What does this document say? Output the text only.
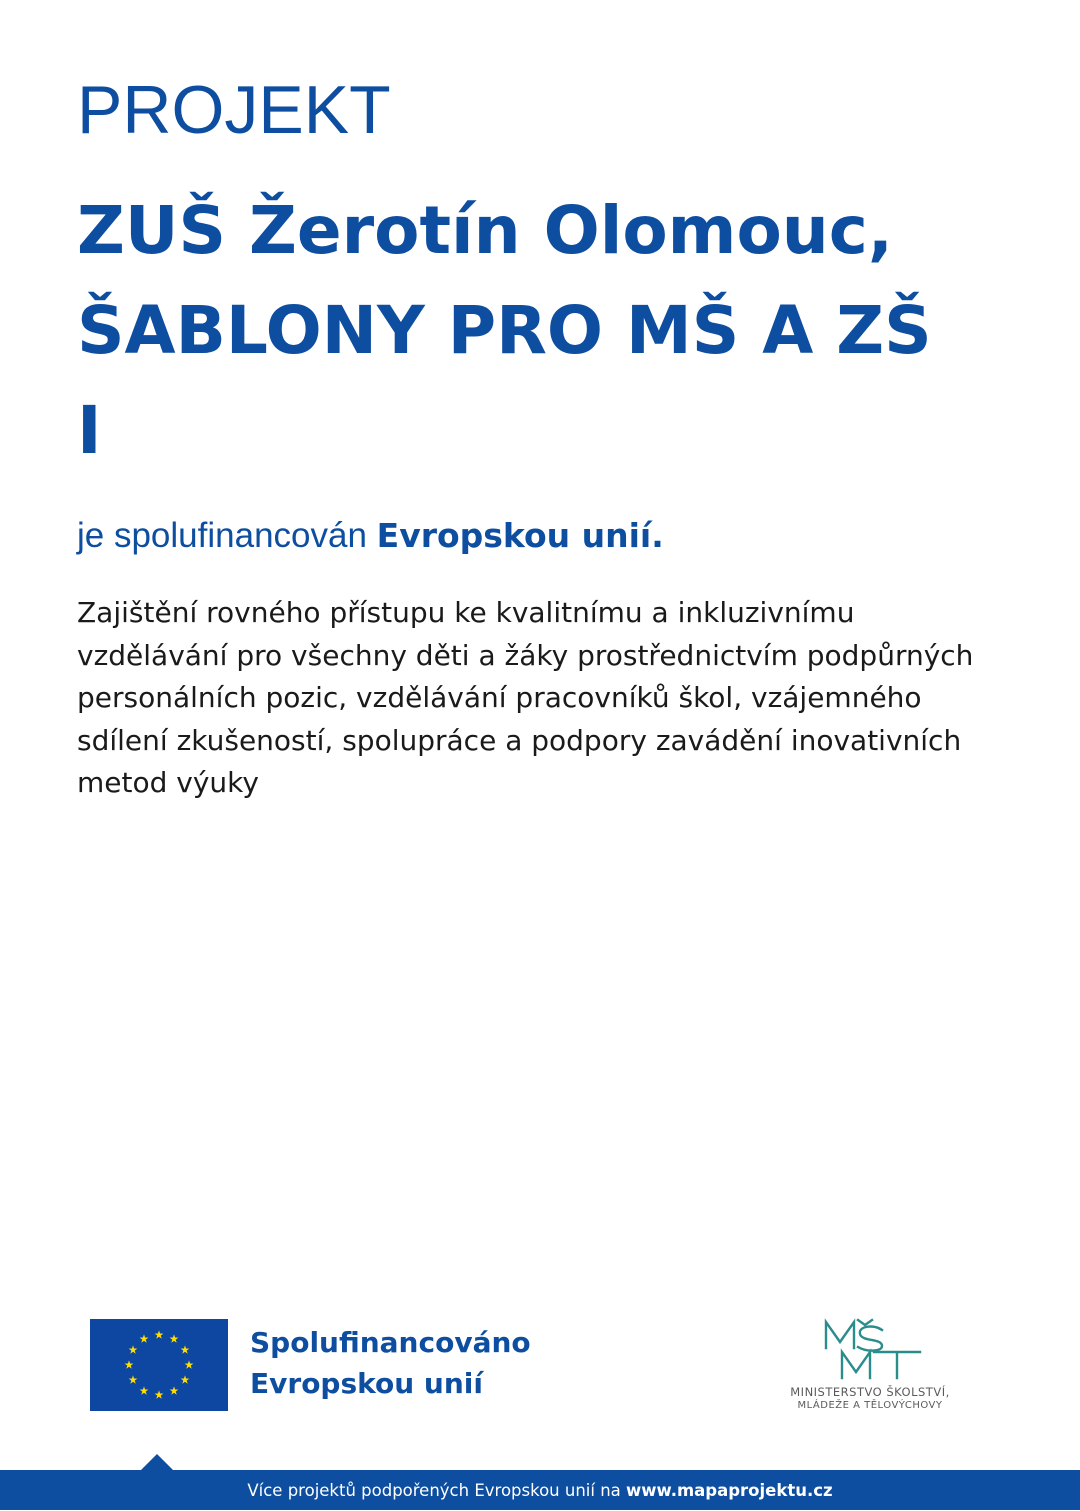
PROJEKT
ZUŠ Žerotín Olomouc,
ŠABLONY PRO MŠ A ZŠ
I
je spolufinancován Evropskou unií.
Zajištění rovného přístupu ke kvalitnímu a inkluzivnímu
vzdělávání pro všechny děti a žáky prostřednictvím podpůrných
personálních pozic, vzdělávání pracovníků škol, vzájemného
sdílení zkušeností, spolupráce a podpory zavádění inovativních
metod výuky
Spolufinancováno
Evropskou unií	MINISTERSTVO ŠKOLSTVÍ,
MLÁDEŽE A TĚLOVÝCHOVY
Více projektů podpořených Evropskou unií na www.mapaprojektu.cz
